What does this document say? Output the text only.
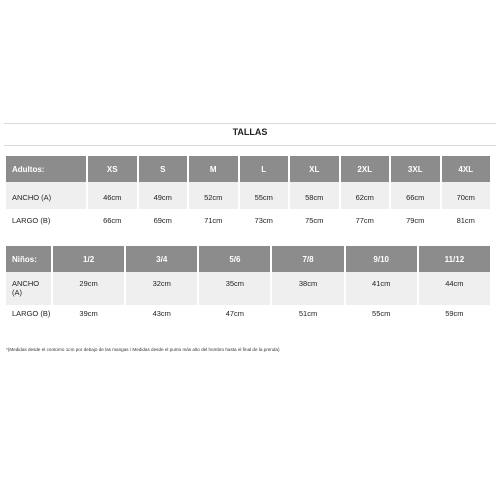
TALLAS
Adultos:	XS	S	M	L	XL	2XL	3XL	4XL
ANCHO (A)	46cm	49cm	52cm	55cm	58cm	62cm	66cm	70cm
LARGO (B)	66cm	69cm	71cm	73cm	75cm	77cm	79cm	81cm
Niños:	1/2	3/4	5/6	7/8	9/10	11/12
ANCHO (A)	29cm	32cm	35cm	38cm	41cm	44cm
LARGO (B)	39cm	43cm	47cm	51cm	55cm	59cm
*(Medidas desde el contorno 1cm por debajo de las mangas / Medidas desde el punto más alto del hombro hasta el final de la prenda)
